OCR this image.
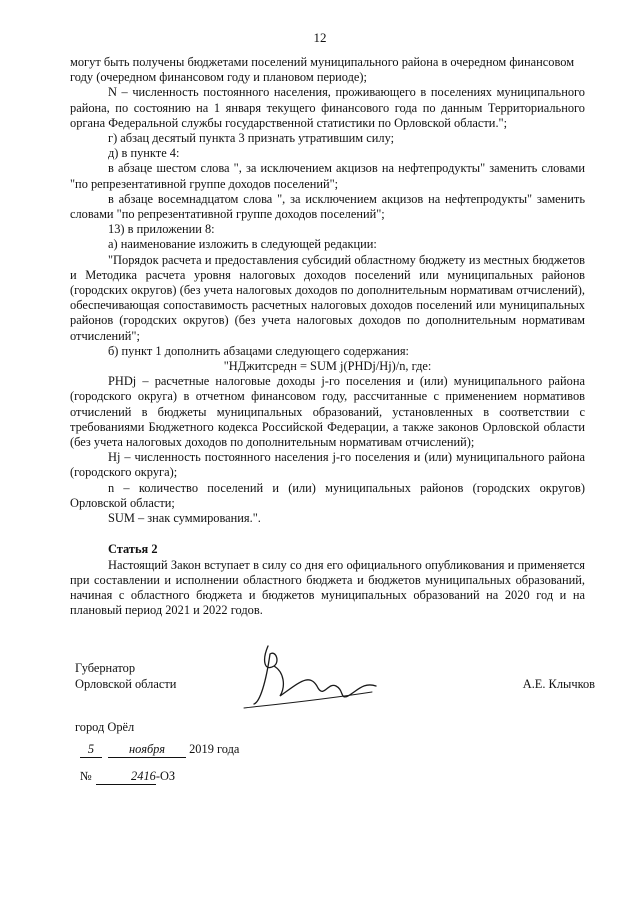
12

могут быть получены бюджетами поселений муниципального района в очередном финансовом году (очередном финансовом году и плановом периоде);

N – численность постоянного населения, проживающего в поселениях муниципального района, по состоянию на 1 января текущего финансового года по данным Территориального органа Федеральной службы государственной статистики по Орловской области.";

г) абзац десятый пункта 3 признать утратившим силу;

д) в пункте 4:

в абзаце шестом слова ", за исключением акцизов на нефтепродукты" заменить словами "по репрезентативной группе доходов поселений";

в абзаце восемнадцатом слова ", за исключением акцизов на нефтепродукты" заменить словами "по репрезентативной группе доходов поселений";

13) в приложении 8:

а) наименование изложить в следующей редакции:

"Порядок расчета и предоставления субсидий областному бюджету из местных бюджетов и Методика расчета уровня налоговых доходов поселений или муниципальных районов (городских округов) (без учета налоговых доходов по дополнительным нормативам отчислений), обеспечивающая сопоставимость расчетных налоговых доходов поселений или муниципальных районов (городских округов) (без учета налоговых доходов по дополнительным нормативам отчислений";

б) пункт 1 дополнить абзацами следующего содержания:

"НДжитсредн = SUM j(PHDj/Hj)/n, где:

PHDj – расчетные налоговые доходы j-го поселения и (или) муниципального района (городского округа) в отчетном финансовом году, рассчитанные с применением нормативов отчислений в бюджеты муниципальных образований, установленных в соответствии с требованиями Бюджетного кодекса Российской Федерации, а также законов Орловской области (без учета налоговых доходов по дополнительным нормативам отчислений);

Hj – численность постоянного населения j-го поселения и (или) муниципального района (городского округа);

n – количество поселений и (или) муниципальных районов (городских округов) Орловской области;

SUM – знак суммирования.".

Статья 2

Настоящий Закон вступает в силу со дня его официального опубликования и применяется при составлении и исполнении областного бюджета и бюджетов муниципальных образований, начиная с областного бюджета и бюджетов муниципальных образований на 2020 год и на плановый период 2021 и 2022 годов.

Губернатор
Орловской области	А.Е. Клычков
город Орёл
5	ноября 2019 года
№	2416-ОЗ
